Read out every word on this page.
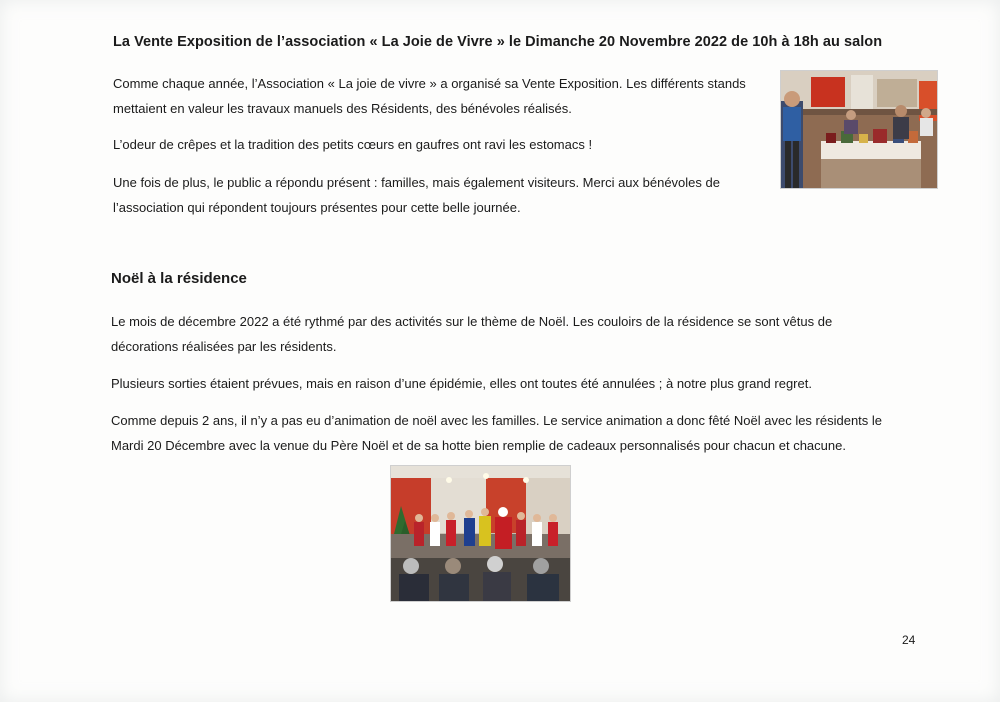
La Vente Exposition de l’association « La Joie de Vivre » le Dimanche 20 Novembre 2022 de 10h à 18h au salon

Comme chaque année, l’Association « La joie de vivre » a organisé sa Vente Exposition. Les différents stands
mettaient en valeur les travaux manuels des Résidents, des bénévoles réalisés.

L’odeur de crêpes et la tradition des petits cœurs en gaufres ont ravi les estomacs !

Une fois de plus, le public a répondu présent : familles, mais également visiteurs. Merci aux bénévoles de
l’association qui répondent toujours présentes pour cette belle journée.

Noël à la résidence

Le mois de décembre 2022 a été rythmé par des activités sur le thème de Noël. Les couloirs de la résidence se sont vêtus de
décorations réalisées par les résidents.

Plusieurs sorties étaient prévues, mais en raison d’une épidémie, elles ont toutes été annulées ; à notre plus grand regret.

Comme depuis 2 ans, il n’y a pas eu d’animation de noël avec les familles. Le service animation a donc fêté Noël avec les résidents le
Mardi 20 Décembre avec la venue du Père Noël et de sa hotte bien remplie de cadeaux personnalisés pour chacun et chacune.

24
